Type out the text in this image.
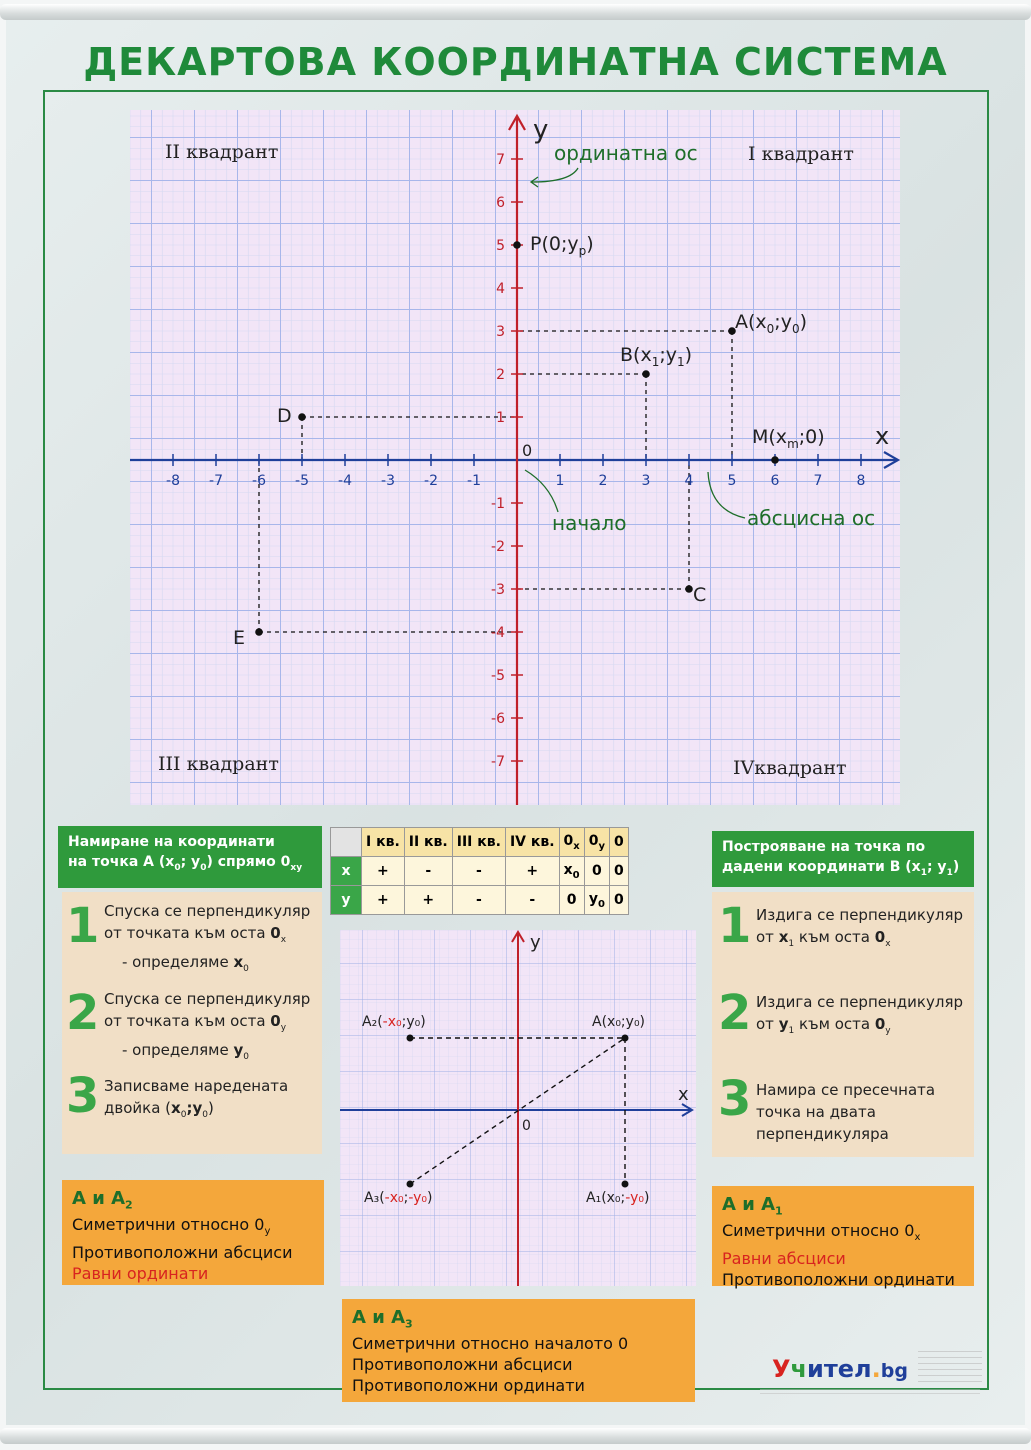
ДЕКАРТОВА КООРДИНАТНА СИСТЕМА
-8 -7 -6 -5 -4 -3 -2 -1	1 2 3 4 5 6 7 8
7
6
5
4
3
2
1
-1
-2
-3
-4
-5
-6
-7
y
x
0
ординатна ос
начало	абсцисна ос
$P(0;y_p)$
$A(x_0;y_0)$
$B(x_1;y_1)$
$M(x_m;0)$
C
D
E
II квадрант	I квадрант
III квадрант	IVквадрант
Намиране на координати
на точка А ($x_0$; $y_0$) спрямо $0_{xy}$
1 Спуска се перпендикуляр
от точката към оста $0_x$
- определяме $x_0$
2 Спуска се перпендикуляр
от точката към оста $0_y$
- определяме $y_0$
3 Записваме наредената
двойка $(x_0;y_0)$
А и $А_2$
Симетрични относно $0_y$
Противоположни абсциси
Равни ординати
	I кв.	II кв.	III кв.	IV кв.	$0_x$	$0_y$	0
x	+	-	-	+	$x_0$	0	0
y	+	+	-	-	0	$y_0$	0
y
x
0
A(x₀;y₀)
A₂(-x₀;y₀)
A₁(x₀;-y₀)
A₃(-x₀;-y₀)
А и $А_3$
Симетрични относно началото 0
Противоположни абсциси
Противоположни ординати
Построяване на точка по
дадени координати В ($x_1$; $y_1$)
1 Издига се перпендикуляр
от $x_1$ към оста $0_x$
2 Издига се перпендикуляр
от $y_1$ към оста $0_y$
3 Намира се пресечната
точка на двата
перпендикуляра
А и $А_1$
Симетрични относно $0_x$
Равни абсциси
Противоположни ординати
Учител.bg
